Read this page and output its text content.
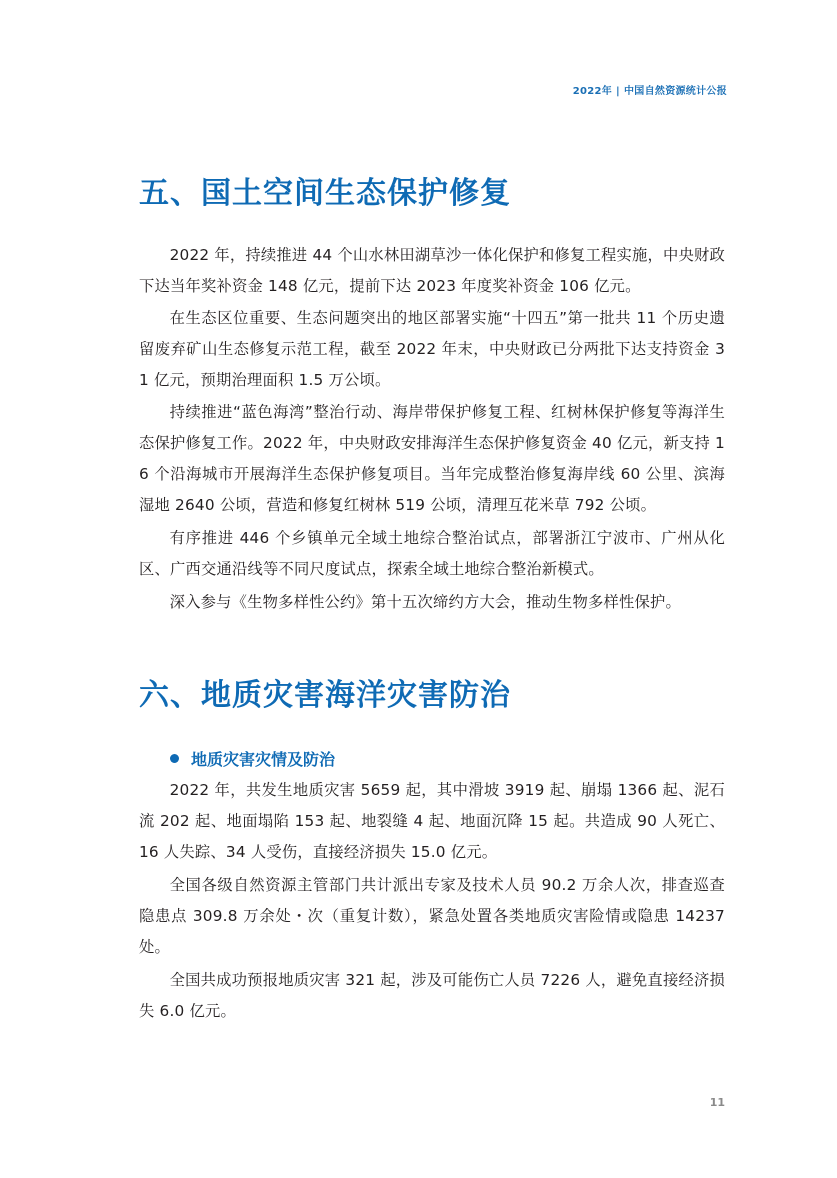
2022年 | 中国自然资源统计公报
五、国土空间生态保护修复

2022 年，持续推进 44 个山水林田湖草沙一体化保护和修复工程实施，中央财政下达当年奖补资金 148 亿元，提前下达 2023 年度奖补资金 106 亿元。

在生态区位重要、生态问题突出的地区部署实施“十四五”第一批共 11 个历史遗留废弃矿山生态修复示范工程，截至 2022 年末，中央财政已分两批下达支持资金 31 亿元，预期治理面积 1.5 万公顷。

持续推进“蓝色海湾”整治行动、海岸带保护修复工程、红树林保护修复等海洋生态保护修复工作。2022 年，中央财政安排海洋生态保护修复资金 40 亿元，新支持 16 个沿海城市开展海洋生态保护修复项目。当年完成整治修复海岸线 60 公里、滨海湿地 2640 公顷，营造和修复红树林 519 公顷，清理互花米草 792 公顷。

有序推进 446 个乡镇单元全域土地综合整治试点，部署浙江宁波市、广州从化区、广西交通沿线等不同尺度试点，探索全域土地综合整治新模式。

深入参与《生物多样性公约》第十五次缔约方大会，推动生物多样性保护。

六、地质灾害海洋灾害防治
地质灾害灾情及防治

2022 年，共发生地质灾害 5659 起，其中滑坡 3919 起、崩塌 1366 起、泥石流 202 起、地面塌陷 153 起、地裂缝 4 起、地面沉降 15 起。共造成 90 人死亡、16 人失踪、34 人受伤，直接经济损失 15.0 亿元。

全国各级自然资源主管部门共计派出专家及技术人员 90.2 万余人次，排查巡查隐患点 309.8 万余处・次（重复计数），紧急处置各类地质灾害险情或隐患 14237 处。

全国共成功预报地质灾害 321 起，涉及可能伤亡人员 7226 人，避免直接经济损失 6.0 亿元。

11
